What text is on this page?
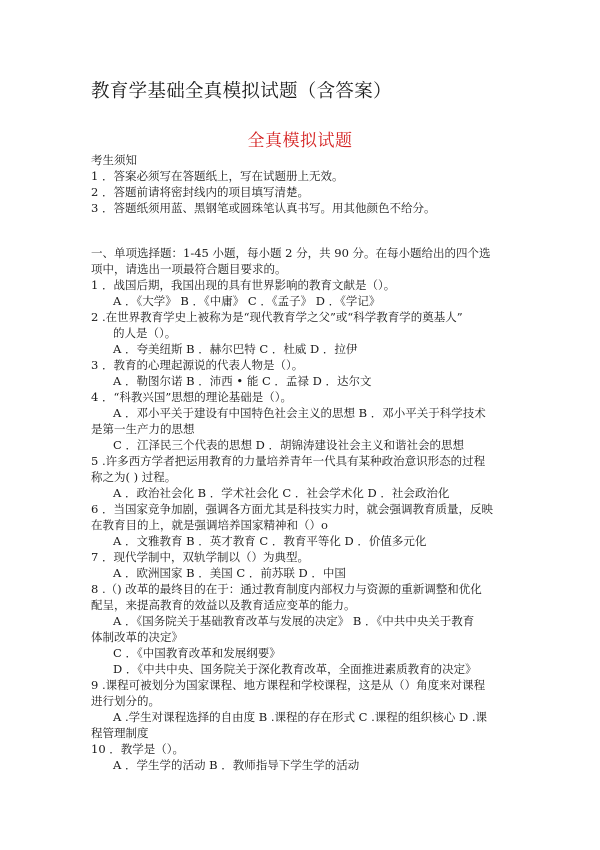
教育学基础全真模拟试题（含答案）
全真模拟试题
考生须知
1 ．答案必须写在答题纸上，写在试题册上无效。
2 ．答题前请将密封线内的项目填写清楚。
3 ．答题纸须用蓝、黑钢笔或圆珠笔认真书写。用其他颜色不给分。
一、单项选择题：1-45 小题，每小题 2 分，共 90 分。在每小题给出的四个选
项中，请选出一项最符合题目要求的。
1 ．战国后期，我国出现的具有世界影响的教育文献是（）。
A ．《大学》 B ．《中庸》 C ．《孟子》 D ．《学记》
2 .在世界教育学史上被称为是“现代教育学之父”或“科学教育学的奠基人”
的人是（）。
A ．夸美纽斯 B ．赫尔巴特 C ．杜威 D ．拉伊
3 ．教育的心理起源说的代表人物是（）。
A ．勒图尔诺 B ．沛西 • 能 C ．孟禄 D ．达尔文
4 ．“科教兴国”思想的理论基础是（）。
A ．邓小平关于建设有中国特色社会主义的思想 B ．邓小平关于科学技术
是第一生产力的思想
C ．江泽民三个代表的思想 D ．胡锦涛建设社会主义和谐社会的思想
5 .许多西方学者把运用教育的力量培养青年一代具有某种政治意识形态的过程
称之为( ) 过程。
A ．政治社会化 B ．学术社会化 C ．社会学术化 D ．社会政治化
6 ．当国家竞争加剧，强调各方面尤其是科技实力时，就会强调教育质量，反映
在教育目的上，就是强调培养国家精神和（）o
A ．文雅教育 B ．英才教育 C ．教育平等化 D ．价值多元化
7 ．现代学制中，双轨学制以（）为典型。
A ．欧洲国家 B ．美国 C ．前苏联 D ．中国
8 .（) 改革的最终目的在于：通过教育制度内部权力与资源的重新调整和优化
配呈，来提高教育的效益以及教育适应变革的能力。
A ．《国务院关于基础教育改革与发展的决定》 B ．《中共中央关于教育
体制改革的决定》
C ．《中国教育改革和发展纲要》
D ．《中共中央、国务院关于深化教育改革，全面推进素质教育的决定》
9 .课程可被划分为国家课程、地方课程和学校课程，这是从（）角度来对课程
进行划分的。
A .学生对课程选择的自由度 B .课程的存在形式 C .课程的组织核心 D .课
程管理制度
10 ．教学是（）。
A ．学生学的活动 B ．教师指导下学生学的活动
